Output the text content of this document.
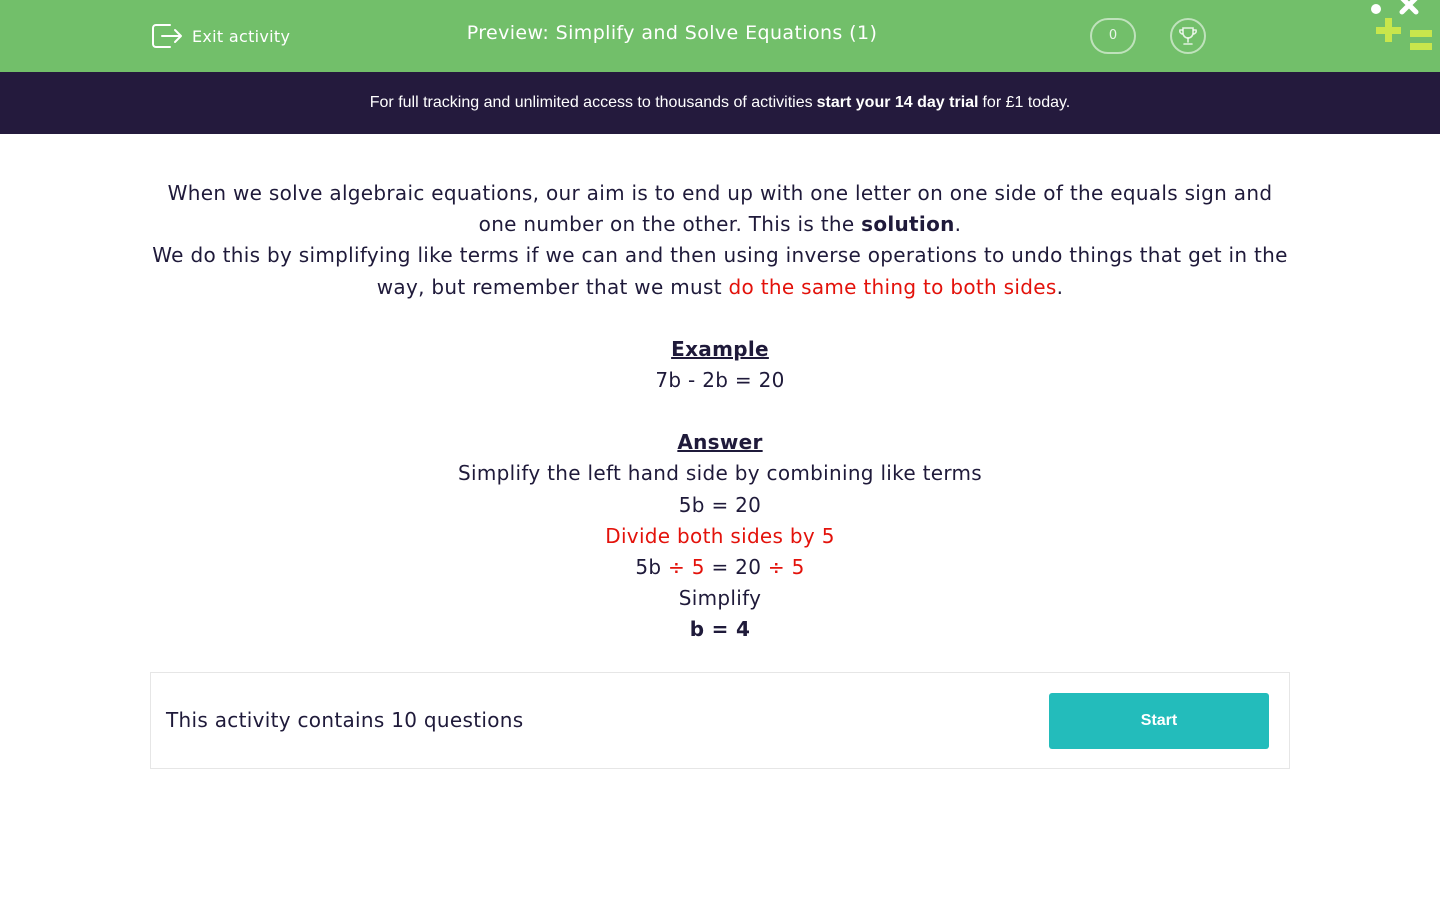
Exit activity	Preview: Simplify and Solve Equations (1)	0
For full tracking and unlimited access to thousands of activities start your 14 day trial for £1 today.

When we solve algebraic equations, our aim is to end up with one letter on one side of the equals sign and one number on the other. This is the solution.

We do this by simplifying like terms if we can and then using inverse operations to undo things that get in the way, but remember that we must do the same thing to both sides.

Example

7b - 2b = 20

Answer

Simplify the left hand side by combining like terms

5b = 20

Divide both sides by 5

5b ÷ 5 = 20 ÷ 5

Simplify

b = 4

This activity contains 10 questions	Start
